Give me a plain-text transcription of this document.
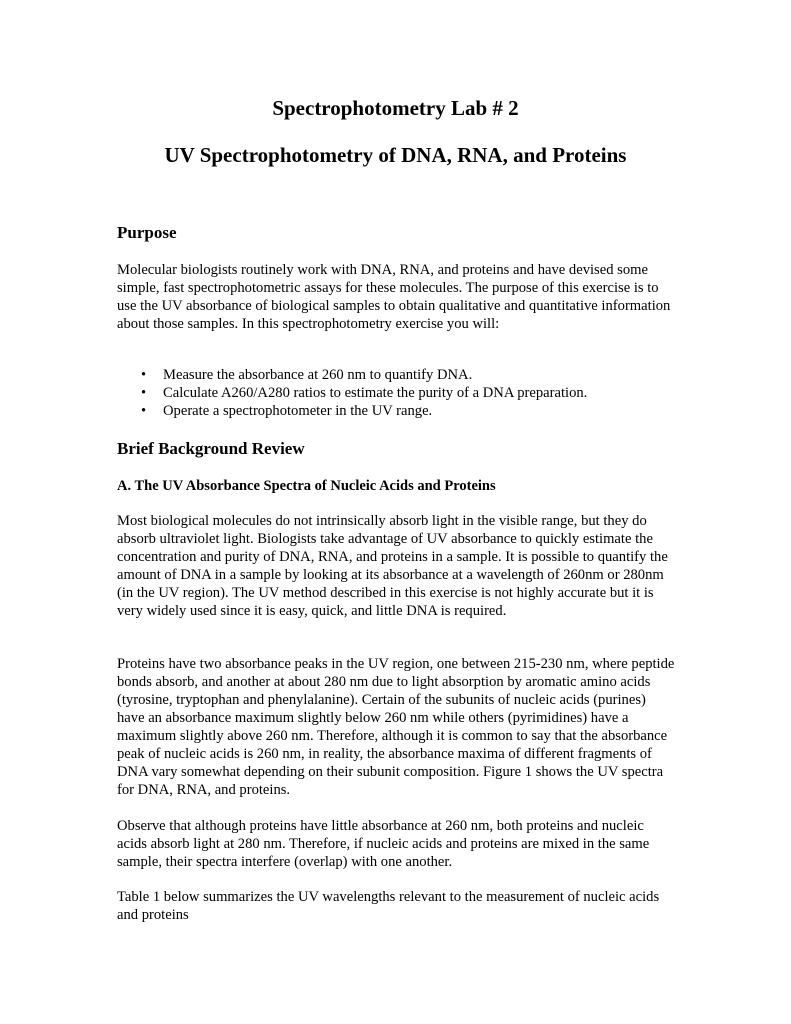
Spectrophotometry Lab # 2
UV Spectrophotometry of DNA, RNA, and Proteins
Purpose

Molecular biologists routinely work with DNA, RNA, and proteins and have devised some simple, fast spectrophotometric assays for these molecules. The purpose of this exercise is to use the UV absorbance of biological samples to obtain qualitative and quantitative information about those samples. In this spectrophotometry exercise you will:

• Measure the absorbance at 260 nm to quantify DNA.
• Calculate A260/A280 ratios to estimate the purity of a DNA preparation.
• Operate a spectrophotometer in the UV range.
Brief Background Review
A. The UV Absorbance Spectra of Nucleic Acids and Proteins

Most biological molecules do not intrinsically absorb light in the visible range, but they do absorb ultraviolet light. Biologists take advantage of UV absorbance to quickly estimate the concentration and purity of DNA, RNA, and proteins in a sample. It is possible to quantify the amount of DNA in a sample by looking at its absorbance at a wavelength of 260nm or 280nm (in the UV region). The UV method described in this exercise is not highly accurate but it is very widely used since it is easy, quick, and little DNA is required.

Proteins have two absorbance peaks in the UV region, one between 215-230 nm, where peptide bonds absorb, and another at about 280 nm due to light absorption by aromatic amino acids (tyrosine, tryptophan and phenylalanine). Certain of the subunits of nucleic acids (purines) have an absorbance maximum slightly below 260 nm while others (pyrimidines) have a maximum slightly above 260 nm. Therefore, although it is common to say that the absorbance peak of nucleic acids is 260 nm, in reality, the absorbance maxima of different fragments of DNA vary somewhat depending on their subunit composition. Figure 1 shows the UV spectra for DNA, RNA, and proteins.

Observe that although proteins have little absorbance at 260 nm, both proteins and nucleic acids absorb light at 280 nm. Therefore, if nucleic acids and proteins are mixed in the same sample, their spectra interfere (overlap) with one another.

Table 1 below summarizes the UV wavelengths relevant to the measurement of nucleic acids and proteins
